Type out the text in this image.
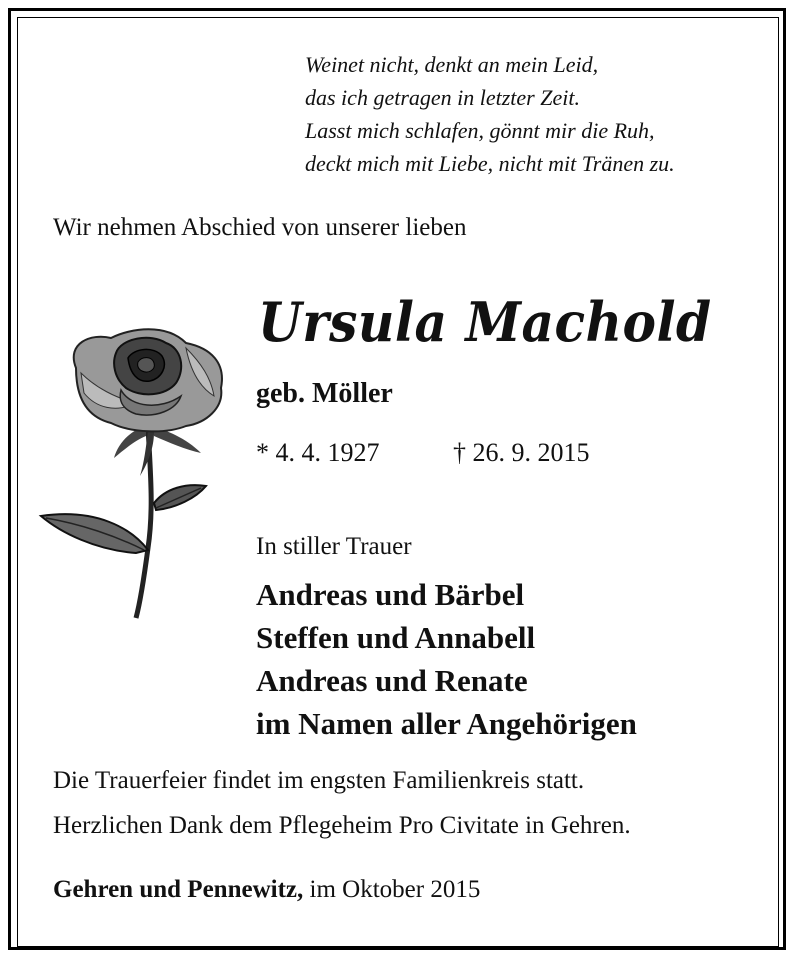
Weinet nicht, denkt an mein Leid,
das ich getragen in letzter Zeit.
Lasst mich schlafen, gönnt mir die Ruh,
deckt mich mit Liebe, nicht mit Tränen zu.
Wir nehmen Abschied von unserer lieben
Ursula Machold
geb. Möller
* 4. 4. 1927	† 26. 9. 2015
In stiller Trauer
Andreas und Bärbel
Steffen und Annabell
Andreas und Renate
im Namen aller Angehörigen
Die Trauerfeier findet im engsten Familienkreis statt.
Herzlichen Dank dem Pflegeheim Pro Civitate in Gehren.
Gehren und Pennewitz, im Oktober 2015
